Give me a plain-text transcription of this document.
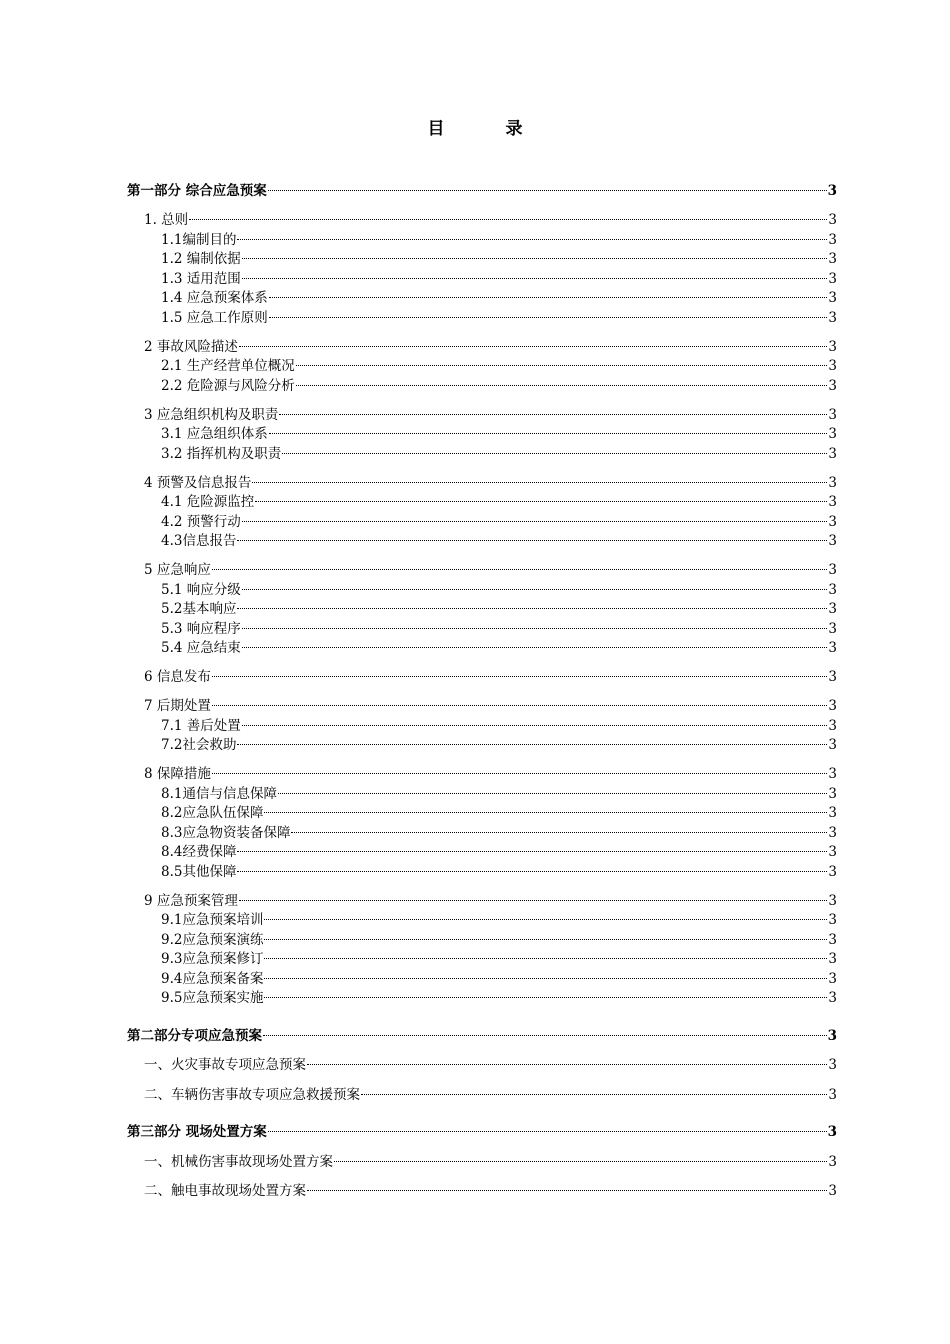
目　录
第一部分 综合应急预案	3
1. 总则	3
1.1编制目的	3
1.2 编制依据	3
1.3 适用范围	3
1.4 应急预案体系	3
1.5 应急工作原则	3
2 事故风险描述	3
2.1 生产经营单位概况	3
2.2 危险源与风险分析	3
3 应急组织机构及职责	3
3.1 应急组织体系	3
3.2 指挥机构及职责	3
4 预警及信息报告	3
4.1 危险源监控	3
4.2 预警行动	3
4.3信息报告	3
5 应急响应	3
5.1 响应分级	3
5.2基本响应	3
5.3 响应程序	3
5.4 应急结束	3
6 信息发布	3
7 后期处置	3
7.1 善后处置	3
7.2社会救助	3
8 保障措施	3
8.1通信与信息保障	3
8.2应急队伍保障	3
8.3应急物资装备保障	3
8.4经费保障	3
8.5其他保障	3
9 应急预案管理	3
9.1应急预案培训	3
9.2应急预案演练	3
9.3应急预案修订	3
9.4应急预案备案	3
9.5应急预案实施	3
第二部分专项应急预案	3
一、火灾事故专项应急预案	3
二、车辆伤害事故专项应急救援预案	3
第三部分 现场处置方案	3
一、机械伤害事故现场处置方案	3
二、触电事故现场处置方案	3
